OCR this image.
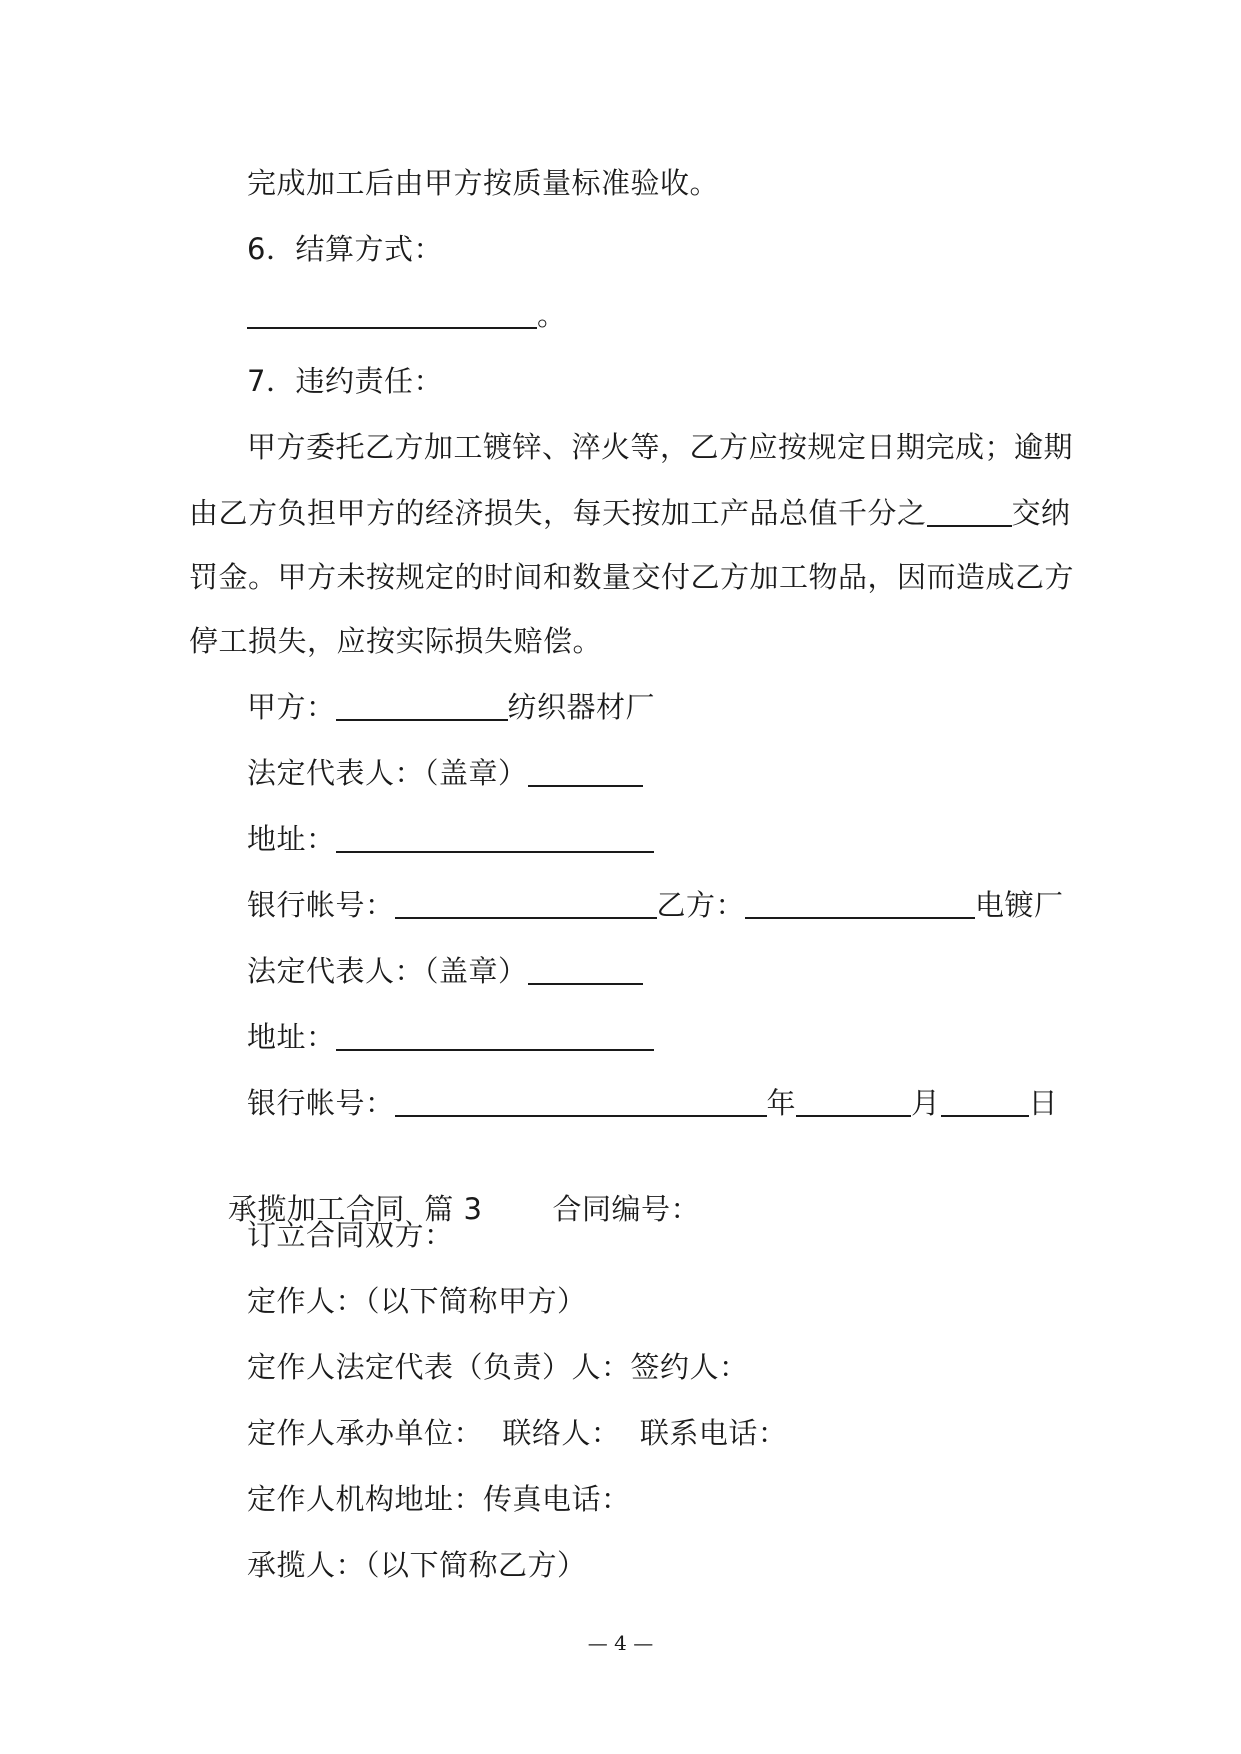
完成加工后由甲方按质量标准验收。
6．结算方式：
。
7．违约责任：
甲方委托乙方加工镀锌、淬火等，乙方应按规定日期完成；逾期
由乙方负担甲方的经济损失，每天按加工产品总值千分之	交纳
罚金。甲方未按规定的时间和数量交付乙方加工物品，因而造成乙方
停工损失，应按实际损失赔偿。
甲方：	纺织器材厂
法定代表人：（盖章）
地址：
银行帐号：	乙方：	电镀厂
法定代表人：（盖章）
地址：
银行帐号：	年	月	日

承揽加工合同  篇 3 合同编号：

订立合同双方：
定作人：（以下简称甲方）
定作人法定代表（负责）人：签约人：
定作人承办单位：  联络人：  联系电话：
定作人机构地址：传真电话：
承揽人：（以下简称乙方）
— 4 —
